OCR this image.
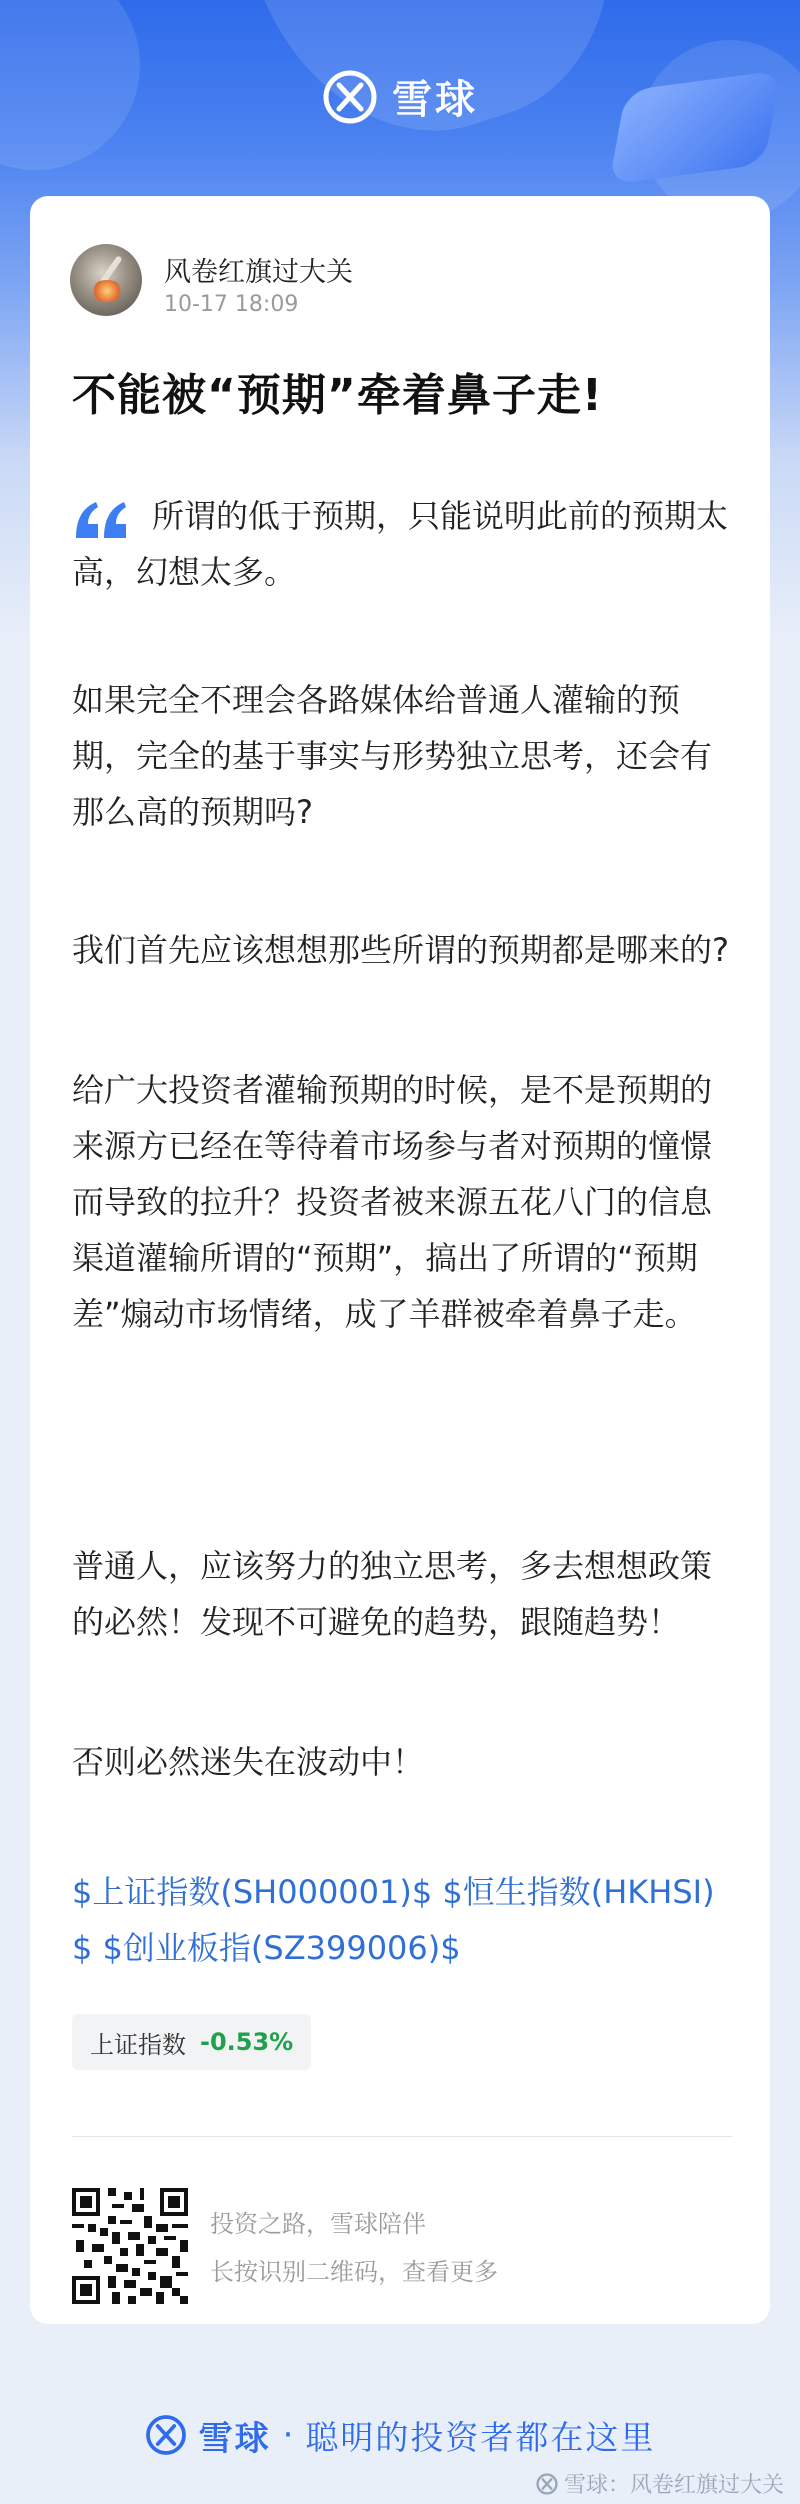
雪球
风卷红旗过大关
10-17 18:09
不能被“预期”牵着鼻子走!
所谓的低于预期，只能说明此前的预期太高，幻想太多。
如果完全不理会各路媒体给普通人灌输的预期，完全的基于事实与形势独立思考，还会有那么高的预期吗?
我们首先应该想想那些所谓的预期都是哪来的?
给广大投资者灌输预期的时候，是不是预期的来源方已经在等待着市场参与者对预期的憧憬而导致的拉升？投资者被来源五花八门的信息渠道灌输所谓的“预期”，搞出了所谓的“预期差”煽动市场情绪，成了羊群被牵着鼻子走。
普通人，应该努力的独立思考，多去想想政策的必然！发现不可避免的趋势，跟随趋势！
否则必然迷失在波动中！
$上证指数(SH000001)$ $恒生指数(HKHSI)$ $创业板指(SZ399006)$
上证指数 -0.53%
投资之路，雪球陪伴
长按识别二维码，查看更多
雪球 · 聪明的投资者都在这里
雪球：风卷红旗过大关
